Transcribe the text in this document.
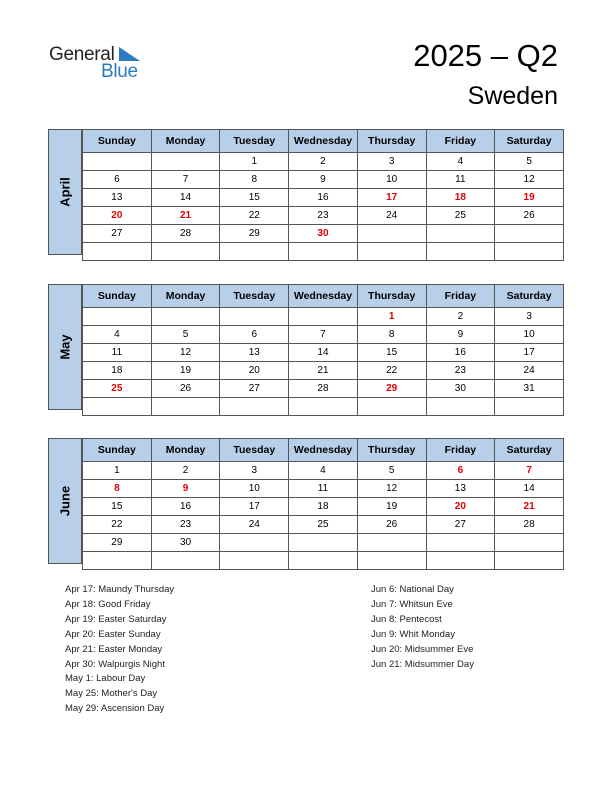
General
Blue	2025 – Q2
Sweden
April
Sunday	Monday	Tuesday	Wednesday	Thursday	Friday	Saturday
		1	2	3	4	5
6	7	8	9	10	11	12
13	14	15	16	17	18	19
20	21	22	23	24	25	26
27	28	29	30			

May
Sunday	Monday	Tuesday	Wednesday	Thursday	Friday	Saturday
				1	2	3
4	5	6	7	8	9	10
11	12	13	14	15	16	17
18	19	20	21	22	23	24
25	26	27	28	29	30	31

June
Sunday	Monday	Tuesday	Wednesday	Thursday	Friday	Saturday
1	2	3	4	5	6	7
8	9	10	11	12	13	14
15	16	17	18	19	20	21
22	23	24	25	26	27	28
29	30					

Apr 17: Maundy Thursday
Apr 18: Good Friday
Apr 19: Easter Saturday
Apr 20: Easter Sunday
Apr 21: Easter Monday
Apr 30: Walpurgis Night
May 1: Labour Day
May 25: Mother's Day
May 29: Ascension Day
Jun 6: National Day
Jun 7: Whitsun Eve
Jun 8: Pentecost
Jun 9: Whit Monday
Jun 20: Midsummer Eve
Jun 21: Midsummer Day
